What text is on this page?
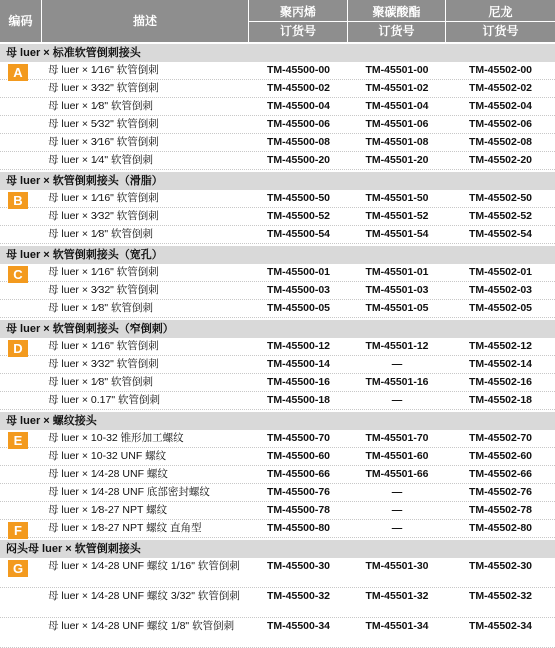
编码	描述
聚丙烯
订货号
聚碳酸酯
订货号
尼龙
订货号
母 luer × 标准软管倒刺接头
A	母 luer × 1⁄16" 软管倒刺	TM-45500-00	TM-45501-00	TM-45502-00
母 luer × 3⁄32" 软管倒刺	TM-45500-02	TM-45501-02	TM-45502-02
母 luer × 1⁄8" 软管倒刺	TM-45500-04	TM-45501-04	TM-45502-04
母 luer × 5⁄32" 软管倒刺	TM-45500-06	TM-45501-06	TM-45502-06
母 luer × 3⁄16" 软管倒刺	TM-45500-08	TM-45501-08	TM-45502-08
母 luer × 1⁄4" 软管倒刺	TM-45500-20	TM-45501-20	TM-45502-20
母 luer × 软管倒刺接头（滑脂）
B	母 luer × 1⁄16" 软管倒刺	TM-45500-50	TM-45501-50	TM-45502-50
母 luer × 3⁄32" 软管倒刺	TM-45500-52	TM-45501-52	TM-45502-52
母 luer × 1⁄8" 软管倒刺	TM-45500-54	TM-45501-54	TM-45502-54
母 luer × 软管倒刺接头（宽孔）
C	母 luer × 1⁄16" 软管倒刺	TM-45500-01	TM-45501-01	TM-45502-01
母 luer × 3⁄32" 软管倒刺	TM-45500-03	TM-45501-03	TM-45502-03
母 luer × 1⁄8" 软管倒刺	TM-45500-05	TM-45501-05	TM-45502-05
母 luer × 软管倒刺接头（窄倒刺）
D	母 luer × 1⁄16" 软管倒刺	TM-45500-12	TM-45501-12	TM-45502-12
母 luer × 3⁄32" 软管倒刺	TM-45500-14	—	TM-45502-14
母 luer × 1⁄8" 软管倒刺	TM-45500-16	TM-45501-16	TM-45502-16
母 luer × 0.17" 软管倒刺	TM-45500-18	—	TM-45502-18
母 luer × 螺纹接头
E	母 luer × 10-32 锥形加工螺纹	TM-45500-70	TM-45501-70	TM-45502-70
母 luer × 10-32 UNF 螺纹	TM-45500-60	TM-45501-60	TM-45502-60
母 luer × 1⁄4-28 UNF 螺纹	TM-45500-66	TM-45501-66	TM-45502-66
母 luer × 1⁄4-28 UNF 底部密封螺纹	TM-45500-76	—	TM-45502-76
母 luer × 1⁄8-27 NPT 螺纹	TM-45500-78	—	TM-45502-78
F	母 luer × 1⁄8-27 NPT 螺纹 直角型	TM-45500-80	—	TM-45502-80
闷头母 luer × 软管倒刺接头
G	母 luer × 1⁄4-28 UNF 螺纹 1/16" 软管倒刺	TM-45500-30	TM-45501-30	TM-45502-30
母 luer × 1⁄4-28 UNF 螺纹 3/32" 软管倒刺	TM-45500-32	TM-45501-32	TM-45502-32
母 luer × 1⁄4-28 UNF 螺纹 1/8" 软管倒刺	TM-45500-34	TM-45501-34	TM-45502-34
